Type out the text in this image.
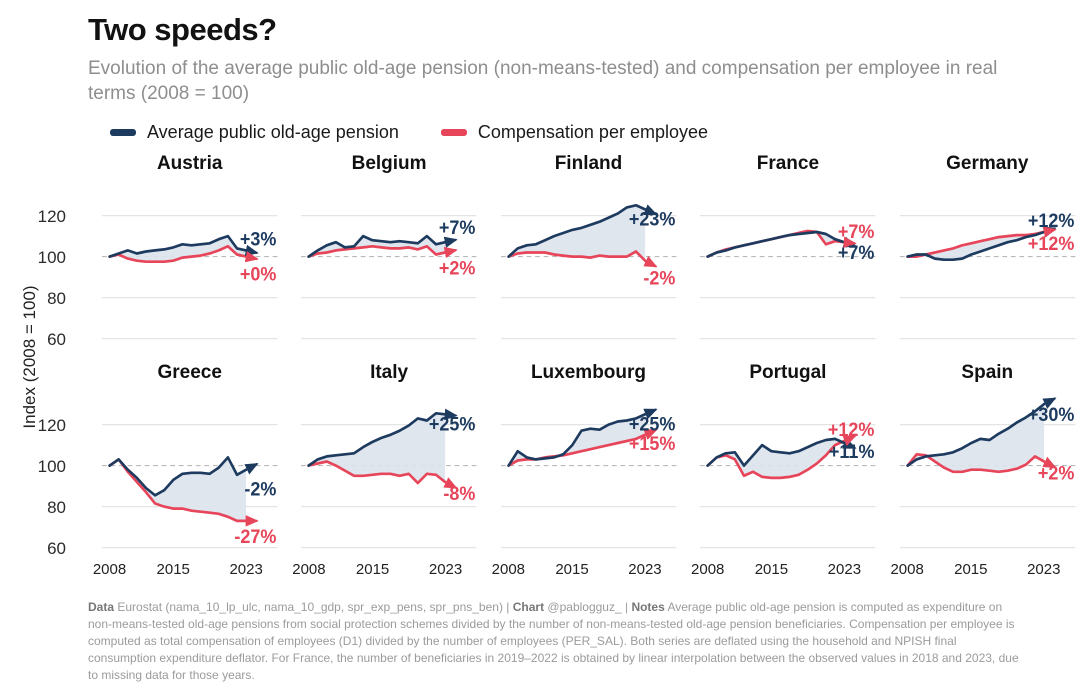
Two speeds?

Evolution of the average public old-age pension (non-means-tested) and compensation per employee in real terms (2008 = 100)

Average public old-age pension	Compensation per employee
Index (2008 = 100)
120
100
80
60
Austria
+3%
+0%
Belgium
+7%
+2%
Finland
+23%
-2%
France
+7%
+7%
Germany
+12%
+12%
120
100
80
60
Greece
-2%
-27%
2008 2015	2023
Italy
+25%
-8%
2008 2015	2023
Luxembourg
+25%
+15%
2008 2015	2023
Portugal
+12%
+11%
2008 2015	2023
Spain
+30%
+2%
2008 2015	2023

Data Eurostat (nama_10_lp_ulc, nama_10_gdp, spr_exp_pens, spr_pns_ben) | Chart @pablogguz_ | Notes Average public old-age pension is computed as expenditure on non-means-tested old-age pensions from social protection schemes divided by the number of non-means-tested old-age pension beneficiaries. Compensation per employee is computed as total compensation of employees (D1) divided by the number of employees (PER_SAL). Both series are deflated using the household and NPISH final consumption expenditure deflator. For France, the number of beneficiaries in 2019–2022 is obtained by linear interpolation between the observed values in 2018 and 2023, due to missing data for those years.
